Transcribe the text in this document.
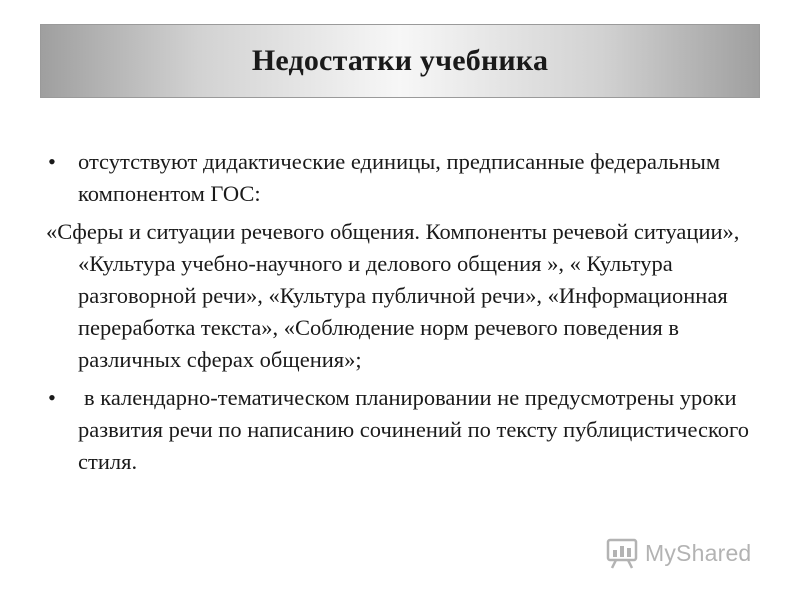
Недостатки учебника

• отсутствуют дидактические единицы, предписанные федеральным компонентом ГОС:

«Сферы и ситуации речевого общения. Компоненты речевой ситуации», «Культура учебно-научного и делового общения », « Культура разговорной речи», «Культура публичной речи», «Информационная переработка текста», «Соблюдение норм речевого поведения в различных сферах общения»;

• в календарно-тематическом планировании не предусмотрены уроки развития речи по написанию сочинений по тексту публицистического стиля.

MyShared
